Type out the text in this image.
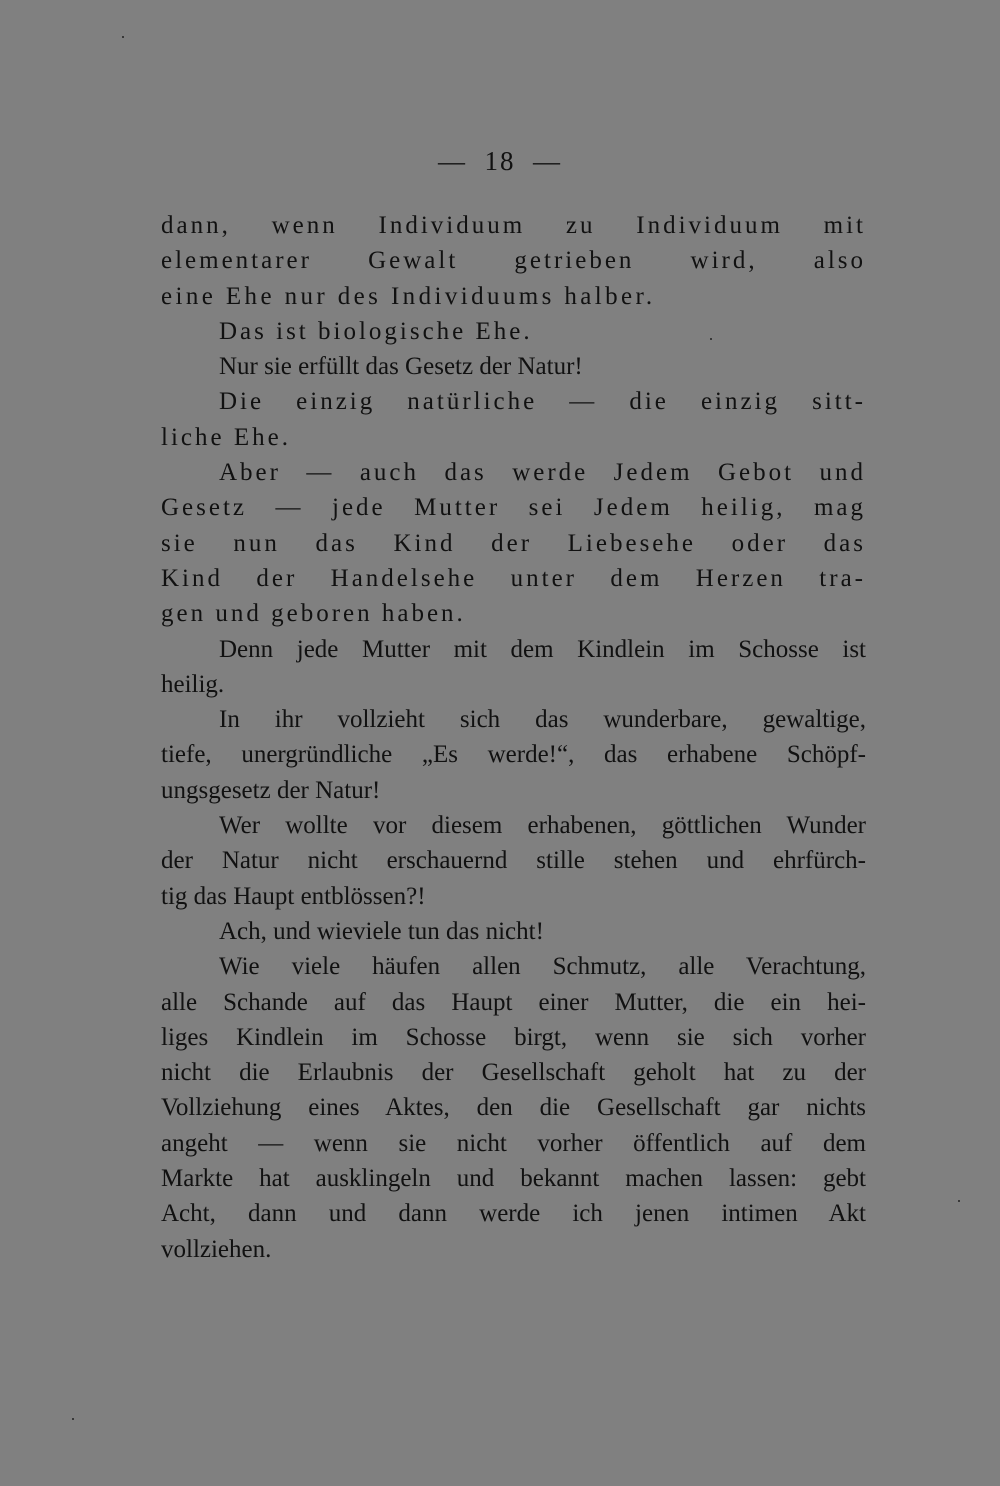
—  18  —
dann, wenn Individuum zu Individuum mit
elementarer Gewalt getrieben wird, also
eine Ehe nur des Individuums halber.
Das ist biologische Ehe.
Nur sie erfüllt das Gesetz der Natur!
Die einzig natürliche — die einzig sitt-
liche Ehe.
Aber — auch das werde Jedem Gebot und
Gesetz — jede Mutter sei Jedem heilig, mag
sie nun das Kind der Liebesehe oder das
Kind der Handelsehe unter dem Herzen tra-
gen und geboren haben.
Denn jede Mutter mit dem Kindlein im Schosse ist
heilig.
In ihr vollzieht sich das wunderbare, gewaltige,
tiefe, unergründliche „Es werde!“, das erhabene Schöpf-
ungsgesetz der Natur!
Wer wollte vor diesem erhabenen, göttlichen Wunder
der Natur nicht erschauernd stille stehen und ehrfürch-
tig das Haupt entblössen?!
Ach, und wieviele tun das nicht!
Wie viele häufen allen Schmutz, alle Verachtung,
alle Schande auf das Haupt einer Mutter, die ein hei-
liges Kindlein im Schosse birgt, wenn sie sich vorher
nicht die Erlaubnis der Gesellschaft geholt hat zu der
Vollziehung eines Aktes, den die Gesellschaft gar nichts
angeht — wenn sie nicht vorher öffentlich auf dem
Markte hat ausklingeln und bekannt machen lassen: gebt
Acht, dann und dann werde ich jenen intimen Akt
vollziehen.
